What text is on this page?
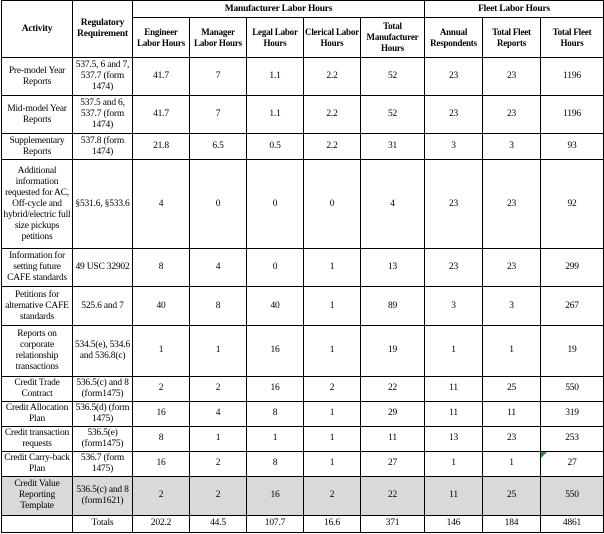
Activity	Regulatory Requirement	Manufacturer Labor Hours					Fleet Labor Hours		
		Engineer Labor Hours	Manager Labor Hours	Legal Labor Hours	Clerical Labor Hours	Total Manufacturer Hours	Annual Respondents	Total Fleet Reports	Total Fleet Hours
Pre-model Year Reports	537.5, 6 and 7, 537.7 (form 1474)	41.7	7	1.1	2.2	52	23	23	1196
Mid-model Year Reports	537.5 and 6, 537.7 (form 1474)	41.7	7	1.1	2.2	52	23	23	1196
Supplementary Reports	537.8 (form 1474)	21.8	6.5	0.5	2.2	31	3	3	93
Additional information requested for AC, Off-cycle and hybrid/electric full size pickups petitions	§531.6, §533.6	4	0	0	0	4	23	23	92
Information for setting future CAFE standards	49 USC 32902	8	4	0	1	13	23	23	299
Petitions for alternative CAFE standards	525.6 and 7	40	8	40	1	89	3	3	267
Reports on corporate relationship transactions	534.5(e), 534.6 and 536.8(c)	1	1	16	1	19	1	1	19
Credit Trade Contract	536.5(c) and 8 (form1475)	2	2	16	2	22	11	25	550
Credit Allocation Plan	536.5(d) (form 1475)	16	4	8	1	29	11	11	319
Credit transaction requests	536.5(e) (form1475)	8	1	1	1	11	13	23	253
Credit Carry-back Plan	536.7 (form 1475)	16	2	8	1	27	1	1	27
Credit Value Reporting Template	536.5(c) and 8 (form1621)	2	2	16	2	22	11	25	550
	Totals	202.2	44.5	107.7	16.6	371	146	184	4861
